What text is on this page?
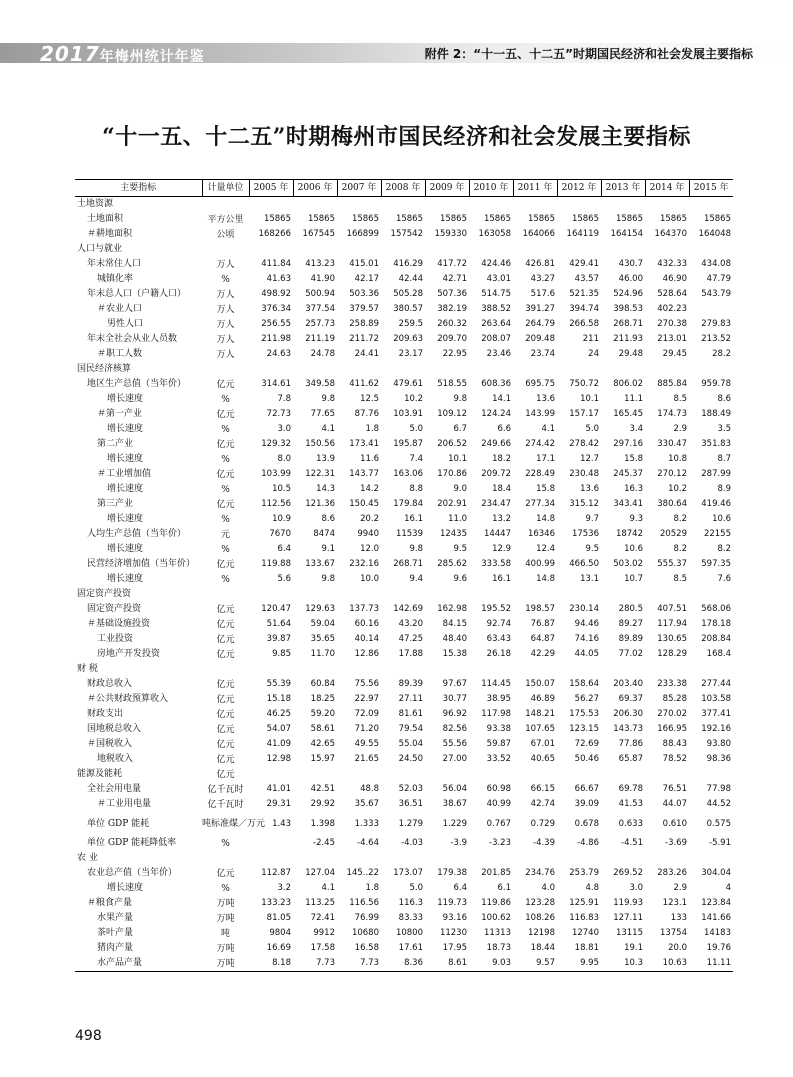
2017年梅州统计年鉴	附件 2：“十一五、十二五”时期国民经济和社会发展主要指标
“十一五、十二五”时期梅州市国民经济和社会发展主要指标
主要指标	计量单位	2005 年	2006 年	2007 年	2008 年	2009 年	2010 年	2011 年	2012 年	2013 年	2014 年	2015 年
土地资源												
土地面积	平方公里	15865	15865	15865	15865	15865	15865	15865	15865	15865	15865	15865
＃耕地面积	公顷	168266	167545	166899	157542	159330	163058	164066	164119	164154	164370	164048
人口与就业												
年末常住人口	万人	411.84	413.23	415.01	416.29	417.72	424.46	426.81	429.41	430.7	432.33	434.08
城镇化率	%	41.63	41.90	42.17	42.44	42.71	43.01	43.27	43.57	46.00	46.90	47.79
年末总人口（户籍人口）	万人	498.92	500.94	503.36	505.28	507.36	514.75	517.6	521.35	524.96	528.64	543.79
＃农业人口	万人	376.34	377.54	379.57	380.57	382.19	388.52	391.27	394.74	398.53	402.23	
男性人口	万人	256.55	257.73	258.89	259.5	260.32	263.64	264.79	266.58	268.71	270.38	279.83
年末全社会从业人员数	万人	211.98	211.19	211.72	209.63	209.70	208.07	209.48	211	211.93	213.01	213.52
＃职工人数	万人	24.63	24.78	24.41	23.17	22.95	23.46	23.74	24	29.48	29.45	28.2
国民经济核算												
地区生产总值（当年价）	亿元	314.61	349.58	411.62	479.61	518.55	608.36	695.75	750.72	806.02	885.84	959.78
增长速度	%	7.8	9.8	12.5	10.2	9.8	14.1	13.6	10.1	11.1	8.5	8.6
＃第一产业	亿元	72.73	77.65	87.76	103.91	109.12	124.24	143.99	157.17	165.45	174.73	188.49
增长速度	%	3.0	4.1	1.8	5.0	6.7	6.6	4.1	5.0	3.4	2.9	3.5
第二产业	亿元	129.32	150.56	173.41	195.87	206.52	249.66	274.42	278.42	297.16	330.47	351.83
增长速度	%	8.0	13.9	11.6	7.4	10.1	18.2	17.1	12.7	15.8	10.8	8.7
＃工业增加值	亿元	103.99	122.31	143.77	163.06	170.86	209.72	228.49	230.48	245.37	270.12	287.99
增长速度	%	10.5	14.3	14.2	8.8	9.0	18.4	15.8	13.6	16.3	10.2	8.9
第三产业	亿元	112.56	121.36	150.45	179.84	202.91	234.47	277.34	315.12	343.41	380.64	419.46
增长速度	%	10.9	8.6	20.2	16.1	11.0	13.2	14.8	9.7	9.3	8.2	10.6
人均生产总值（当年价）	元	7670	8474	9940	11539	12435	14447	16346	17536	18742	20529	22155
增长速度	%	6.4	9.1	12.0	9.8	9.5	12.9	12.4	9.5	10.6	8.2	8.2
民营经济增加值（当年价）	亿元	119.88	133.67	232.16	268.71	285.62	333.58	400.99	466.50	503.02	555.37	597.35
增长速度	%	5.6	9.8	10.0	9.4	9.6	16.1	14.8	13.1	10.7	8.5	7.6
固定资产投资												
固定资产投资	亿元	120.47	129.63	137.73	142.69	162.98	195.52	198.57	230.14	280.5	407.51	568.06
＃基础设施投资	亿元	51.64	59.04	60.16	43.20	84.15	92.74	76.87	94.46	89.27	117.94	178.18
工业投资	亿元	39.87	35.65	40.14	47.25	48.40	63.43	64.87	74.16	89.89	130.65	208.84
房地产开发投资	亿元	9.85	11.70	12.86	17.88	15.38	26.18	42.29	44.05	77.02	128.29	168.4
财 税												
财政总收入	亿元	55.39	60.84	75.56	89.39	97.67	114.45	150.07	158.64	203.40	233.38	277.44
＃公共财政预算收入	亿元	15.18	18.25	22.97	27.11	30.77	38.95	46.89	56.27	69.37	85.28	103.58
财政支出	亿元	46.25	59.20	72.09	81.61	96.92	117.98	148.21	175.53	206.30	270.02	377.41
国地税总收入	亿元	54.07	58.61	71.20	79.54	82.56	93.38	107.65	123.15	143.73	166.95	192.16
＃国税收入	亿元	41.09	42.65	49.55	55.04	55.56	59.87	67.01	72.69	77.86	88.43	93.80
地税收入	亿元	12.98	15.97	21.65	24.50	27.00	33.52	40.65	50.46	65.87	78.52	98.36
能源及能耗	亿元											
全社会用电量	亿千瓦时	41.01	42.51	48.8	52.03	56.04	60.98	66.15	66.67	69.78	76.51	77.98
＃工业用电量	亿千瓦时	29.31	29.92	35.67	36.51	38.67	40.99	42.74	39.09	41.53	44.07	44.52
单位 GDP 能耗	吨标准煤／万元	1.43	1.398	1.333	1.279	1.229	0.767	0.729	0.678	0.633	0.610	0.575
单位 GDP 能耗降低率	%		-2.45	-4.64	-4.03	-3.9	-3.23	-4.39	-4.86	-4.51	-3.69	-5.91
农 业												
农业总产值（当年价）	亿元	112.87	127.04	145..22	173.07	179.38	201.85	234.76	253.79	269.52	283.26	304.04
增长速度	%	3.2	4.1	1.8	5.0	6.4	6.1	4.0	4.8	3.0	2.9	4
＃粮食产量	万吨	133.23	113.25	116.56	116.3	119.73	119.86	123.28	125.91	119.93	123.1	123.84
水果产量	万吨	81.05	72.41	76.99	83.33	93.16	100.62	108.26	116.83	127.11	133	141.66
茶叶产量	吨	9804	9912	10680	10800	11230	11313	12198	12740	13115	13754	14183
猪肉产量	万吨	16.69	17.58	16.58	17.61	17.95	18.73	18.44	18.81	19.1	20.0	19.76
水产品产量	万吨	8.18	7.73	7.73	8.36	8.61	9.03	9.57	9.95	10.3	10.63	11.11
498
